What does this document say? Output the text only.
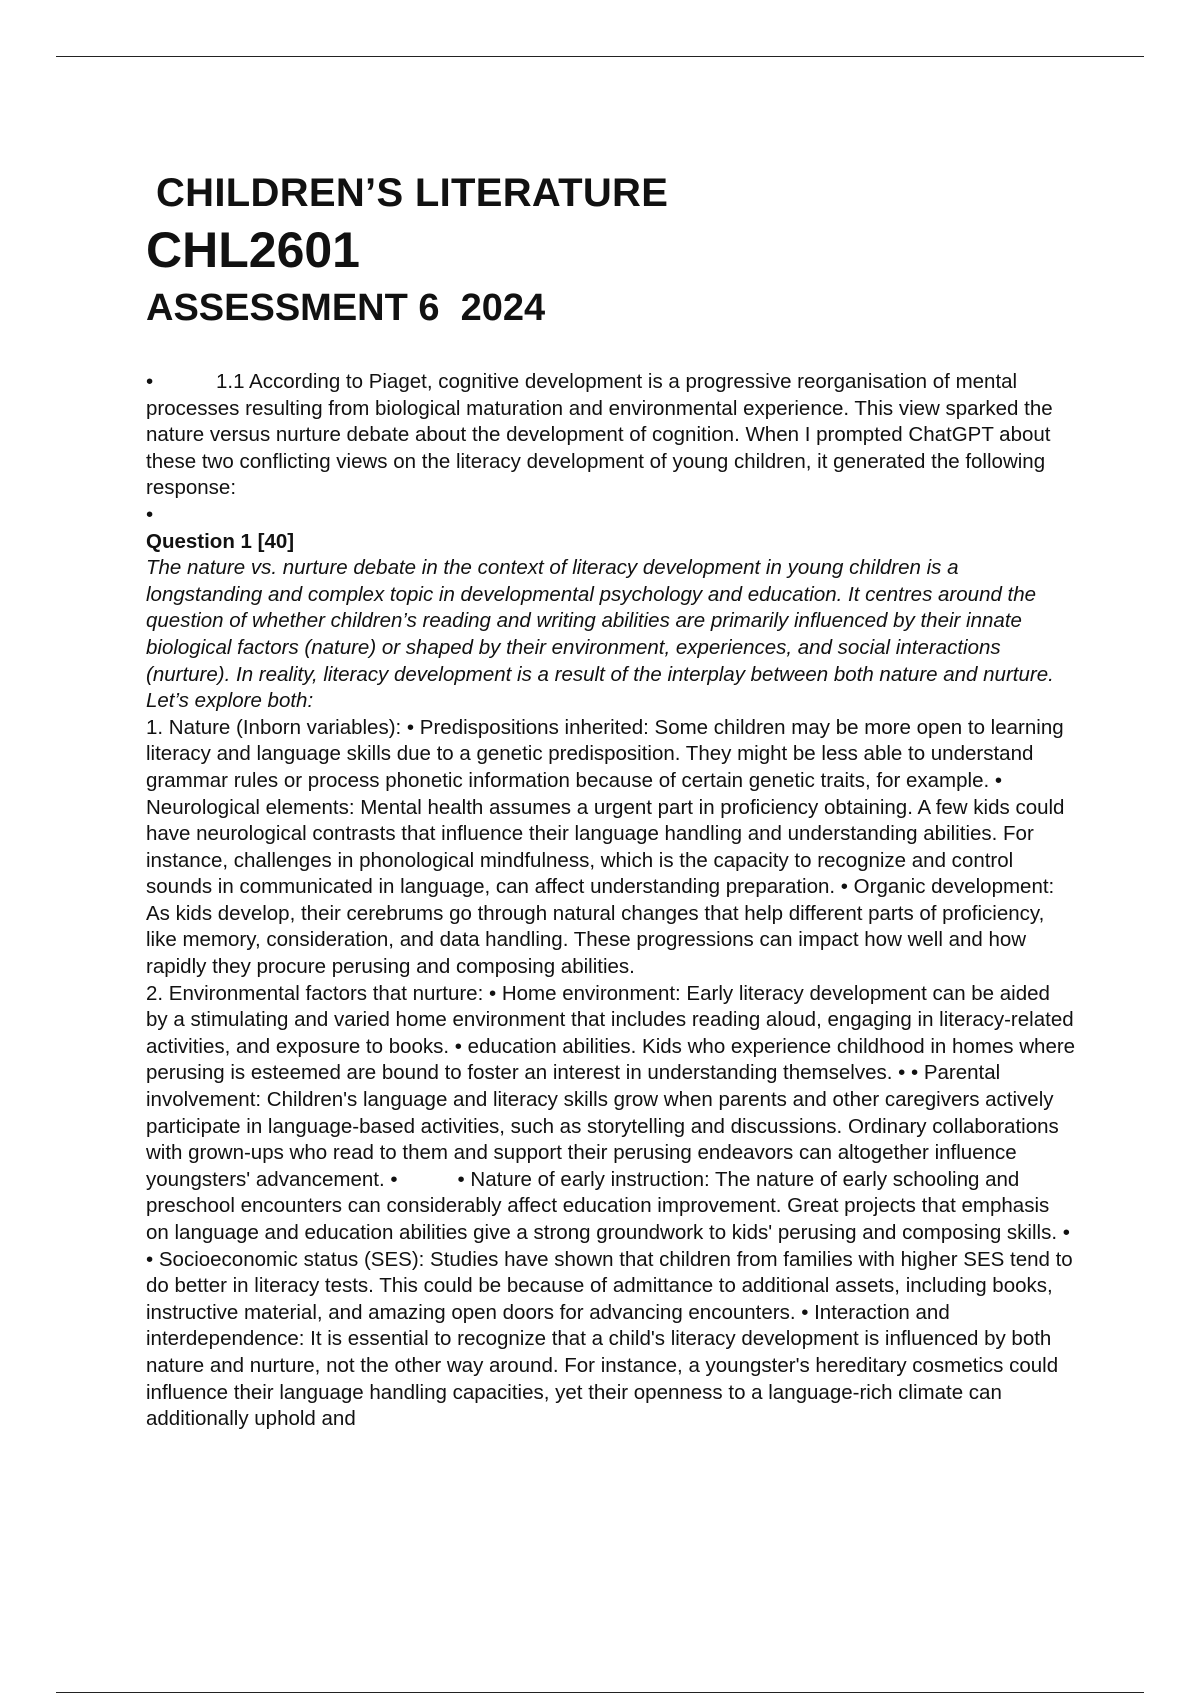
CHILDREN’S LITERATURE
CHL2601
ASSESSMENT 6  2024

•	1.1 According to Piaget, cognitive development is a progressive reorganisation of mental processes resulting from biological maturation and environmental experience. This view sparked the nature versus nurture debate about the development of cognition. When I prompted ChatGPT about these two conflicting views on the literacy development of young children, it generated the following response:

•

Question 1 [40]

The nature vs. nurture debate in the context of literacy development in young children is a longstanding and complex topic in developmental psychology and education. It centres around the question of whether children’s reading and writing abilities are primarily influenced by their innate biological factors (nature) or shaped by their environment, experiences, and social interactions (nurture). In reality, literacy development is a result of the interplay between both nature and nurture. Let’s explore both:

1. Nature (Inborn variables): • Predispositions inherited: Some children may be more open to learning literacy and language skills due to a genetic predisposition. They might be less able to understand grammar rules or process phonetic information because of certain genetic traits, for example. • Neurological elements: Mental health assumes a urgent part in proficiency obtaining. A few kids could have neurological contrasts that influence their language handling and understanding abilities. For instance, challenges in phonological mindfulness, which is the capacity to recognize and control sounds in communicated in language, can affect understanding preparation. • Organic development: As kids develop, their cerebrums go through natural changes that help different parts of proficiency, like memory, consideration, and data handling. These progressions can impact how well and how rapidly they procure perusing and composing abilities.

2. Environmental factors that nurture: • Home environment: Early literacy development can be aided by a stimulating and varied home environment that includes reading aloud, engaging in literacy-related activities, and exposure to books. • education abilities. Kids who experience childhood in homes where perusing is esteemed are bound to foster an interest in understanding themselves. • • Parental involvement: Children's language and literacy skills grow when parents and other caregivers actively participate in language-based activities, such as storytelling and discussions. Ordinary collaborations with grown-ups who read to them and support their perusing endeavors can altogether influence youngsters' advancement. •	• Nature of early instruction: The nature of early schooling and preschool encounters can considerably affect education improvement. Great projects that emphasis on language and education abilities give a strong groundwork to kids' perusing and composing skills. • • Socioeconomic status (SES): Studies have shown that children from families with higher SES tend to do better in literacy tests. This could be because of admittance to additional assets, including books, instructive material, and amazing open doors for advancing encounters. • Interaction and interdependence: It is essential to recognize that a child's literacy development is influenced by both nature and nurture, not the other way around. For instance, a youngster's hereditary cosmetics could influence their language handling capacities, yet their openness to a language-rich climate can additionally uphold and
